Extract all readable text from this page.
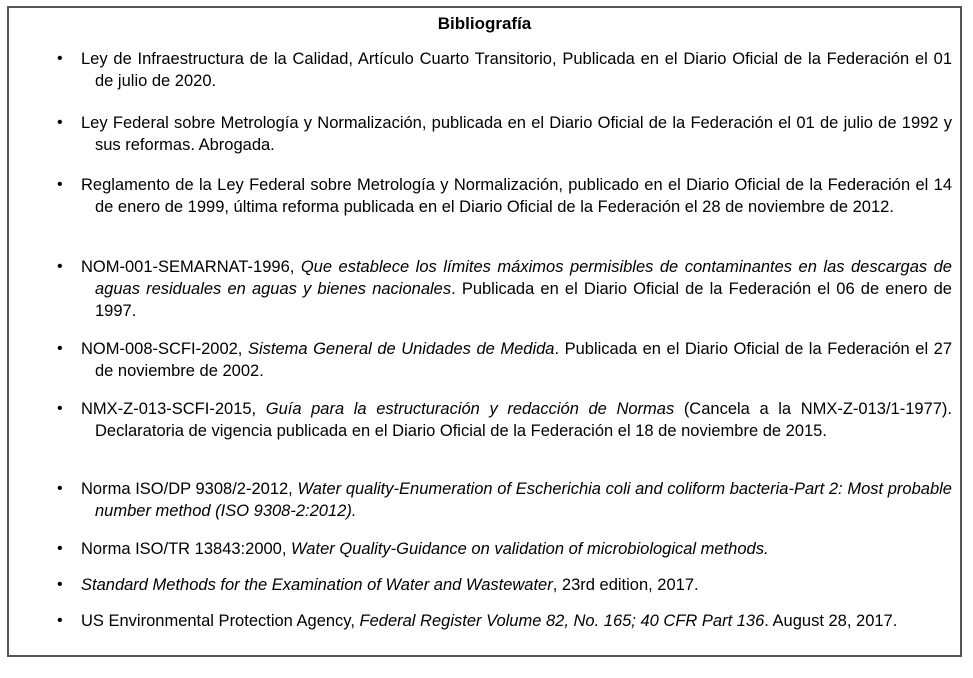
Bibliografía
• Ley de Infraestructura de la Calidad, Artículo Cuarto Transitorio, Publicada en el Diario Oficial de la Federación el 01 de julio de 2020.
• Ley Federal sobre Metrología y Normalización, publicada en el Diario Oficial de la Federación el 01 de julio de 1992 y sus reformas. Abrogada.
• Reglamento de la Ley Federal sobre Metrología y Normalización, publicado en el Diario Oficial de la Federación el 14 de enero de 1999, última reforma publicada en el Diario Oficial de la Federación el 28 de noviembre de 2012.
• NOM-001-SEMARNAT-1996, Que establece los límites máximos permisibles de contaminantes en las descargas de aguas residuales en aguas y bienes nacionales. Publicada en el Diario Oficial de la Federación el 06 de enero de 1997.
• NOM-008-SCFI-2002, Sistema General de Unidades de Medida. Publicada en el Diario Oficial de la Federación el 27 de noviembre de 2002.
• NMX-Z-013-SCFI-2015, Guía para la estructuración y redacción de Normas (Cancela a la NMX-Z-013/1-1977). Declaratoria de vigencia publicada en el Diario Oficial de la Federación el 18 de noviembre de 2015.
• Norma ISO/DP 9308/2-2012, Water quality-Enumeration of Escherichia coli and coliform bacteria-Part 2: Most probable number method (ISO 9308-2:2012).
• Norma ISO/TR 13843:2000, Water Quality-Guidance on validation of microbiological methods.
• Standard Methods for the Examination of Water and Wastewater, 23rd edition, 2017.
• US Environmental Protection Agency, Federal Register Volume 82, No. 165; 40 CFR Part 136. August 28, 2017.
